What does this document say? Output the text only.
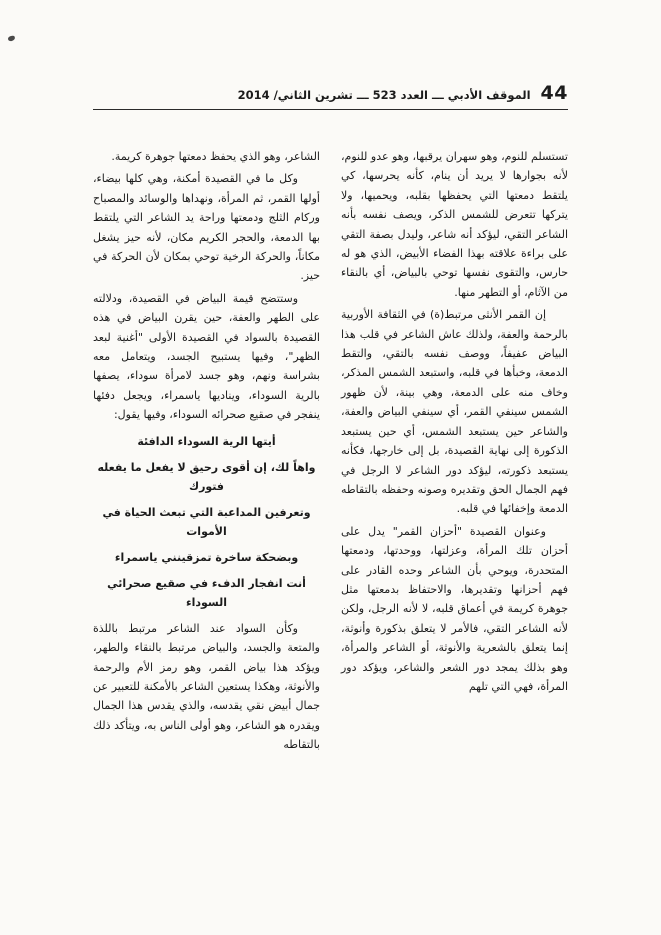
44
الموقف الأدبي ـــ العدد 523 ـــ تشرين الثاني/ 2014

تستسلم للنوم، وهو سهران يرقبها، وهو عدو للنوم، لأنه بجوارها لا يريد أن ينام، كأنه يحرسها، كي يلتقط دمعتها التي يحفظها بقلبه، ويحميها، ولا يتركها تتعرض للشمس الذكر، ويصف نفسه بأنه الشاعر التقي، ليؤكد أنه شاعر، وليدل بصفة التقي على براءة علاقته بهذا الفضاء الأبيض، الذي هو له حارس، والتقوى نفسها توحي بالبياض، أي بالنقاء من الآثام، أو التطهر منها.

إن القمر الأنثى مرتبط(ة) في الثقافة الأوربية بالرحمة والعفة، ولذلك عاش الشاعر في قلب هذا البياض عفيفاً، ووصف نفسه بالتقي، والتقط الدمعة، وخبأها في قلبه، واستبعد الشمس المذكر، وخاف منه على الدمعة، وهي بينة، لأن ظهور الشمس سينفي القمر، أي سينفي البياض والعفة، والشاعر حين يستبعد الشمس، أي حين يستبعد الذكورة إلى نهاية القصيدة، بل إلى خارجها، فكأنه يستبعد ذكورته، ليؤكد دور الشاعر لا الرجل في فهم الجمال الحق وتقديره وصونه وحفظه بالتقاطه الدمعة وإخفائها في قلبه.

وعنوان القصيدة "أحزان القمر" يدل على أحزان تلك المرأة، وعزلتها، ووحدتها، ودمعتها المتحدرة، ويوحي بأن الشاعر وحده القادر على فهم أحزانها وتقديرها، والاحتفاظ بدمعتها مثل جوهرة كريمة في أعماق قلبه، لا لأنه الرجل، ولكن لأنه الشاعر التقي، فالأمر لا يتعلق بذكورة وأنوثة، إنما يتعلق بالشعرية والأنوثة، أو الشاعر والمرأة، وهو بذلك يمجد دور الشعر والشاعر، ويؤكد دور المرأة، فهي التي تلهم

الشاعر، وهو الذي يحفظ دمعتها جوهرة كريمة.

وكل ما في القصيدة أمكنة، وهي كلها بيضاء، أولها القمر، ثم المرأة، ونهداها والوسائد والمصباح وركام الثلج ودمعتها وراحة يد الشاعر التي يلتقط بها الدمعة، والحجر الكريم مكان، لأنه حيز يشغل مكاناً، والحركة الرخية توحي بمكان لأن الحركة في حيز.

وستتضح قيمة البياض في القصيدة، ودلالته على الطهر والعفة، حين يقرن البياض في هذه القصيدة بالسواد في القصيدة الأولى "أغنية لبعد الظهر"، وفيها يستبيح الجسد، ويتعامل معه بشراسة ونهم، وهو جسد لامرأة سوداء، يصفها بالرية السوداء، ويناديها ياسمراء، ويجعل دفئها ينفجر في صقيع صحرائه السوداء، وفيها يقول:

أيتها الرية السوداء الدافئة

واهاً لك، إن أقوى رحيق لا يفعل ما يفعله فتورك

وتعرفين المداعبة التي تبعث الحياة في الأموات

وبضحكة ساخرة تمزقينني ياسمراء

أنت انفجار الدفء في صقيع صحرائي السوداء

وكأن السواد عند الشاعر مرتبط باللذة والمتعة والجسد، والبياض مرتبط بالنقاء والطهر، ويؤكد هذا بياض القمر، وهو رمز الأم والرحمة والأنوثة، وهكذا يستعين الشاعر بالأمكنة للتعبير عن جمال أبيض نقي يقدسه، والذي يقدس هذا الجمال ويقدره هو الشاعر، وهو أولى الناس به، ويتأكد ذلك بالتقاطه
